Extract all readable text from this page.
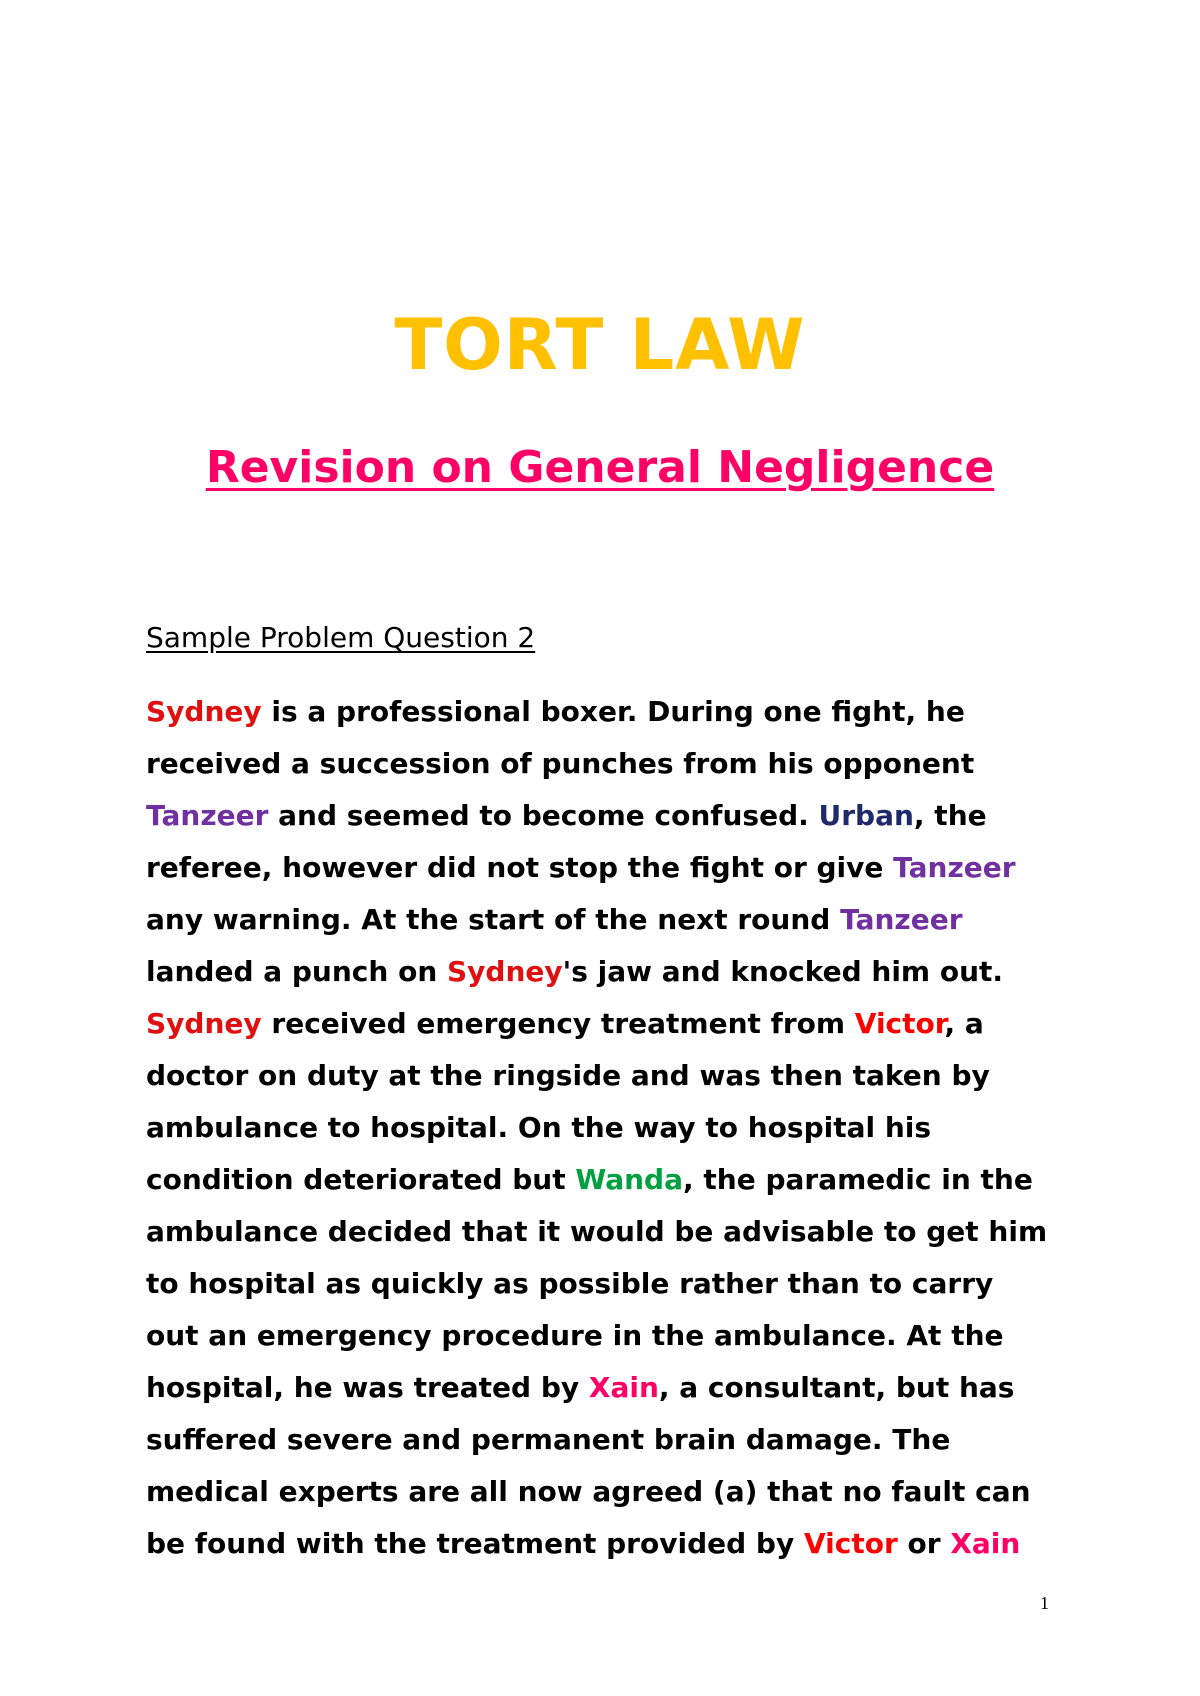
TORT LAW
Revision on General Negligence
Sample Problem Question 2
Sydney is a professional boxer. During one fight, he
received a succession of punches from his opponent
Tanzeer and seemed to become confused. Urban, the
referee, however did not stop the fight or give Tanzeer
any warning. At the start of the next round Tanzeer
landed a punch on Sydney's jaw and knocked him out.
Sydney received emergency treatment from Victor, a
doctor on duty at the ringside and was then taken by
ambulance to hospital. On the way to hospital his
condition deteriorated but Wanda, the paramedic in the
ambulance decided that it would be advisable to get him
to hospital as quickly as possible rather than to carry
out an emergency procedure in the ambulance. At the
hospital, he was treated by Xain, a consultant, but has
suffered severe and permanent brain damage. The
medical experts are all now agreed (a) that no fault can
be found with the treatment provided by Victor or Xain
1
